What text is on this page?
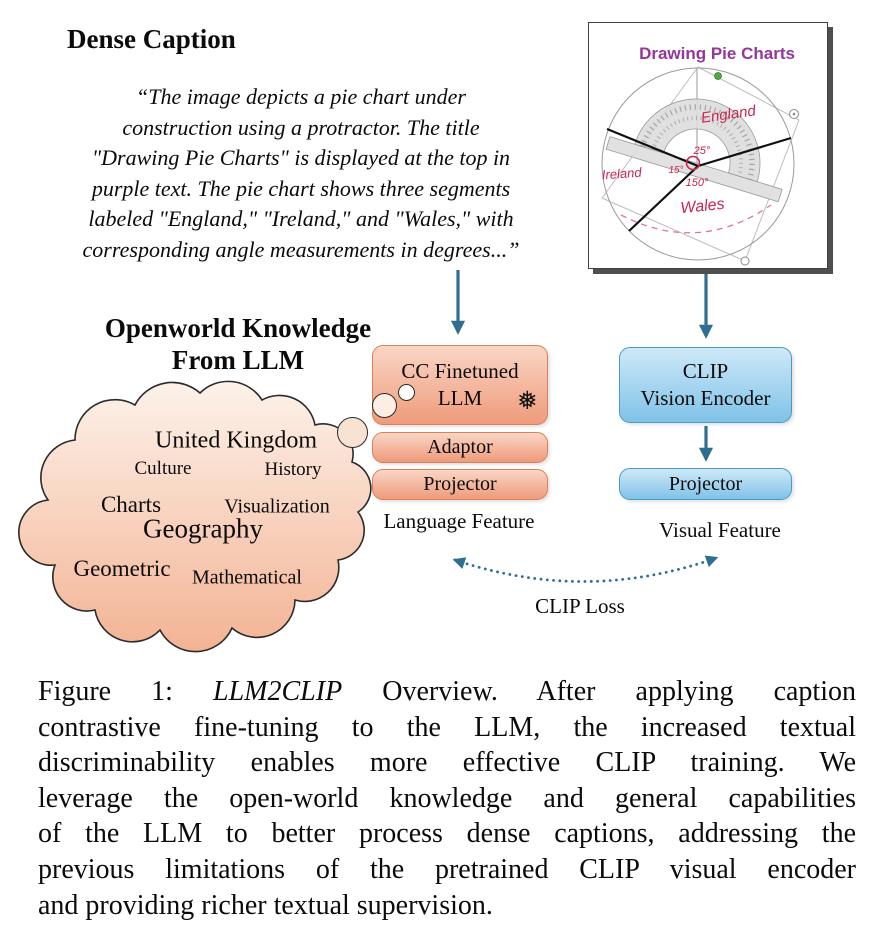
Dense Caption
“The image depicts a pie chart under
construction using a protractor. The title
"Drawing Pie Charts" is displayed at the top in
purple text. The pie chart shows three segments
labeled "England," "Ireland," and "Wales," with
corresponding angle measurements in degrees...”
Drawing Pie Charts
England
Ireland
Wales
25°
15°
150°
Openworld Knowledge
From LLM
United Kingdom
Culture	History
Charts	Visualization
Geography
Geometric Mathematical
CC Finetuned
LLM ❅
Adaptor
Projector
Language Feature
CLIP
Vision Encoder
Projector
Visual Feature
CLIP Loss
Figure 1: LLM2CLIP Overview. After applying caption
contrastive fine-tuning to the LLM, the increased textual
discriminability enables more effective CLIP training. We
leverage the open-world knowledge and general capabilities
of the LLM to better process dense captions, addressing the
previous limitations of the pretrained CLIP visual encoder
and providing richer textual supervision.
